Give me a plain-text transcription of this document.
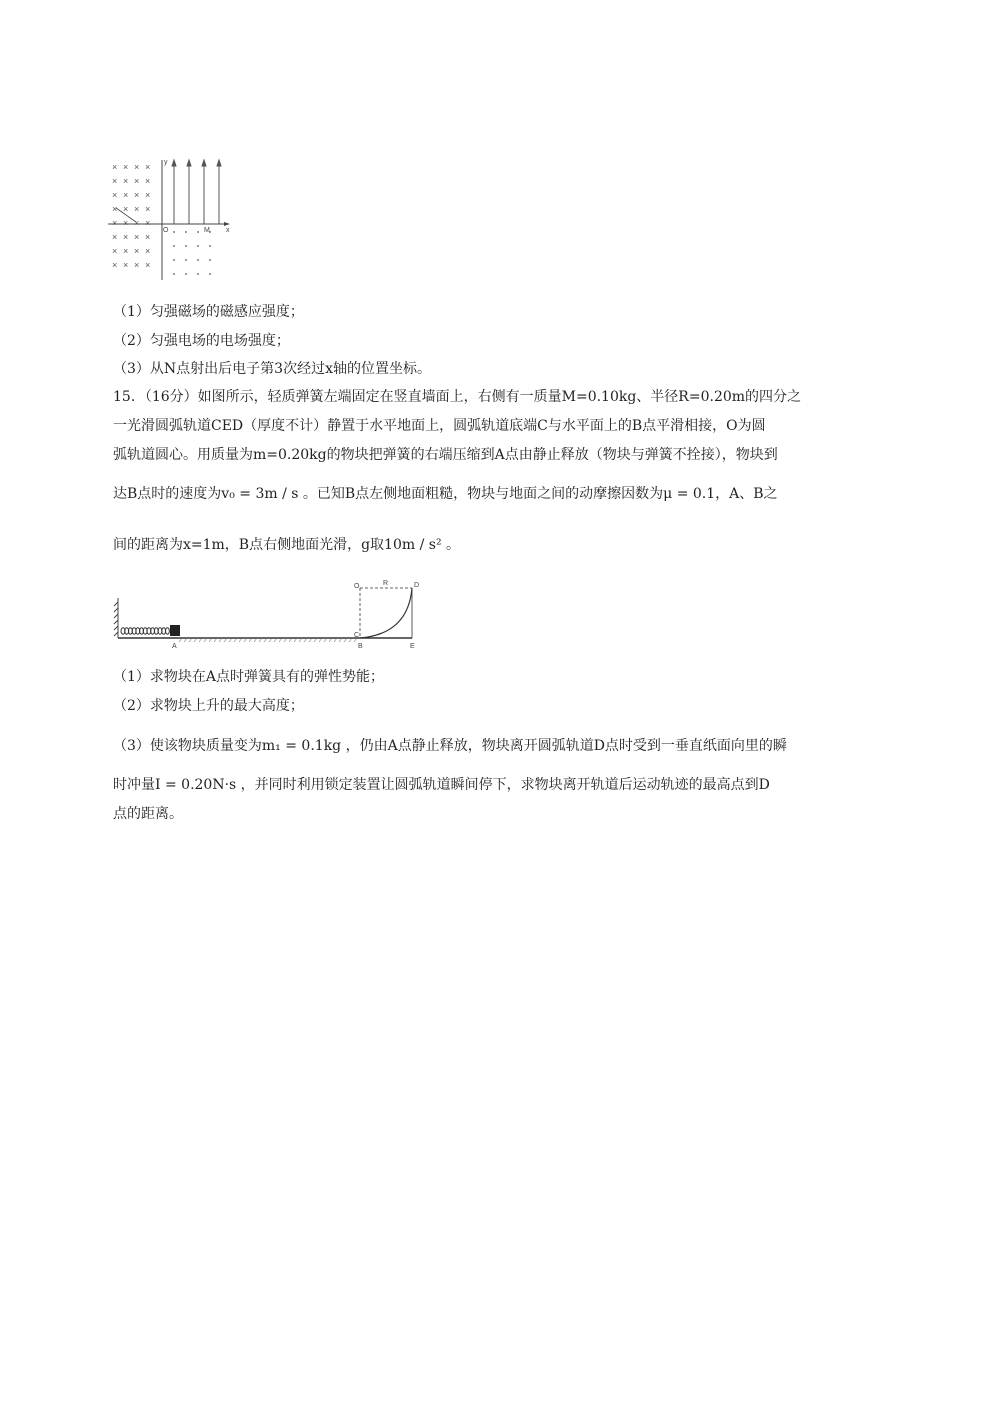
× × × ×
× × × ×
× × × ×
× × × ×
× × × ×
× × × ×
× × × ×
× × × ×
y
x
O	M
（1）匀强磁场的磁感应强度；
（2）匀强电场的电场强度；
（3）从N点射出后电子第3次经过x轴的位置坐标。
15．（16分）如图所示，轻质弹簧左端固定在竖直墙面上，右侧有一质量M=0.10kg、半径R=0.20m的四分之
一光滑圆弧轨道CED（厚度不计）静置于水平地面上，圆弧轨道底端C与水平面上的B点平滑相接，O为圆
弧轨道圆心。用质量为m=0.20kg的物块把弹簧的右端压缩到A点由静止释放（物块与弹簧不拴接），物块到
达B点时的速度为v₀ = 3m / s 。已知B点左侧地面粗糙，物块与地面之间的动摩擦因数为μ = 0.1，A、B之
间的距离为x=1m，B点右侧地面光滑，g取10m / s² 。
O	R	D
C
A	B	E
（1）求物块在A点时弹簧具有的弹性势能；
（2）求物块上升的最大高度；
（3）使该物块质量变为m₁ = 0.1kg ，仍由A点静止释放，物块离开圆弧轨道D点时受到一垂直纸面向里的瞬
时冲量I = 0.20N·s ，并同时利用锁定装置让圆弧轨道瞬间停下，求物块离开轨道后运动轨迹的最高点到D
点的距离。
